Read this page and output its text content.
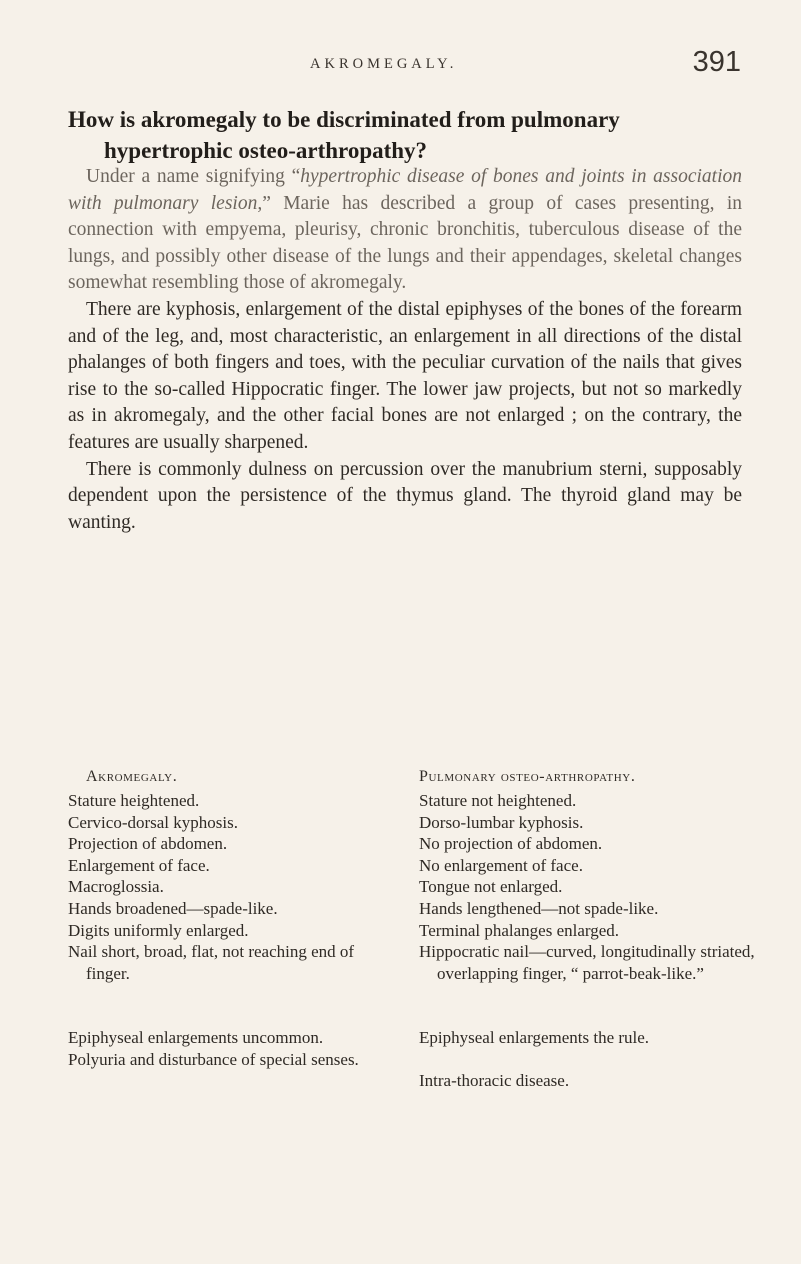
AKROMEGALY.	391
How is akromegaly to be discriminated from pulmonary
hypertrophic osteo-arthropathy?

Under a name signifying “hypertrophic disease of bones and joints in association with pulmonary lesion,” Marie has described a group of cases presenting, in connection with empyema, pleurisy, chronic bronchitis, tuberculous disease of the lungs, and possibly other disease of the lungs and their appendages, skeletal changes somewhat resembling those of akromegaly.

There are kyphosis, enlargement of the distal epiphyses of the bones of the forearm and of the leg, and, most characteristic, an enlargement in all directions of the distal phalanges of both fingers and toes, with the peculiar curvation of the nails that gives rise to the so-called Hippocratic finger. The lower jaw projects, but not so markedly as in akromegaly, and the other facial bones are not enlarged ; on the contrary, the features are usually sharpened.

There is commonly dulness on percussion over the manubrium sterni, supposably dependent upon the persistence of the thymus gland. The thyroid gland may be wanting.

Akromegaly.
Stature heightened.
Cervico-dorsal kyphosis.
Projection of abdomen.
Enlargement of face.
Macroglossia.
Hands broadened—spade-like.
Digits uniformly enlarged.
Nail short, broad, flat, not reaching end of finger.
Epiphyseal enlargements uncommon.
Polyuria and disturbance of special senses.
Pulmonary osteo-arthropathy.
Stature not heightened.
Dorso-lumbar kyphosis.
No projection of abdomen.
No enlargement of face.
Tongue not enlarged.
Hands lengthened—not spade-like.
Terminal phalanges enlarged.
Hippocratic nail—curved, longitudinally striated, overlapping finger, “ parrot-beak-like.”
Epiphyseal enlargements the rule.
Intra-thoracic disease.
